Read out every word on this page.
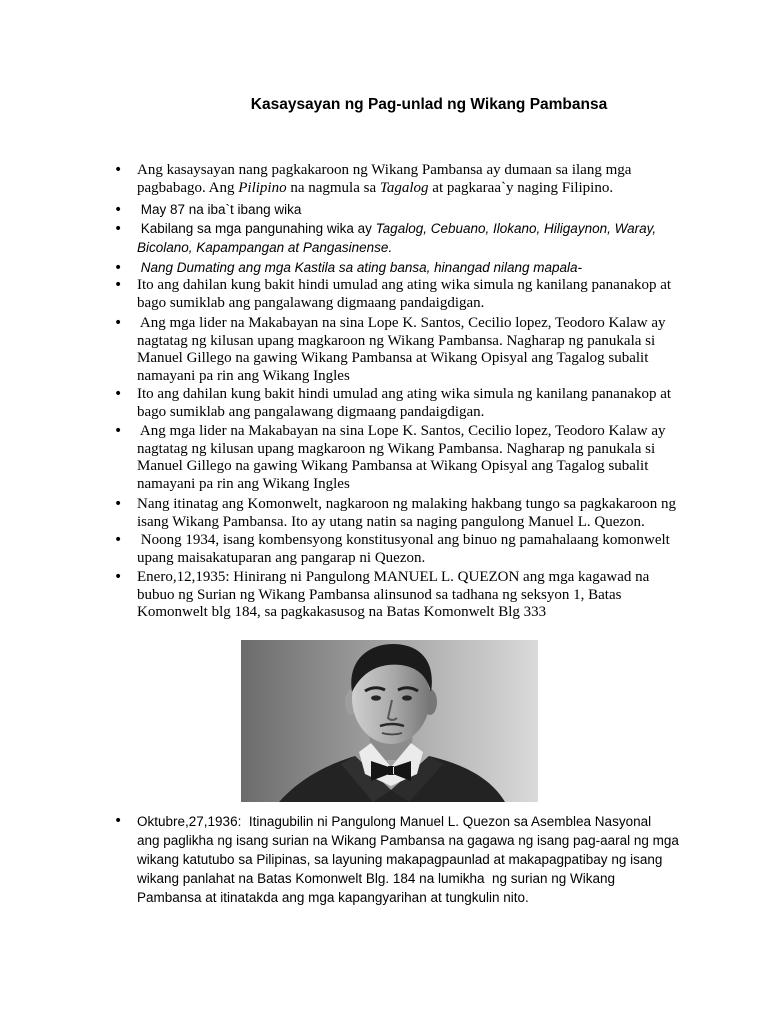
Kasaysayan ng Pag-unlad ng Wikang Pambansa
• Ang kasaysayan nang pagkakaroon ng Wikang Pambansa ay dumaan sa ilang mga
pagbabago. Ang Pilipino na nagmula sa Tagalog at pagkaraa`y naging Filipino.
• May 87 na iba`t ibang wika
• Kabilang sa mga pangunahing wika ay Tagalog, Cebuano, Ilokano, Hiligaynon, Waray,
Bicolano, Kapampangan at Pangasinense.
• Nang Dumating ang mga Kastila sa ating bansa, hinangad nilang mapala-
• Ito ang dahilan kung bakit hindi umulad ang ating wika simula ng kanilang pananakop at
bago sumiklab ang pangalawang digmaang pandaigdigan.
• Ang mga lider na Makabayan na sina Lope K. Santos, Cecilio lopez, Teodoro Kalaw ay
nagtatag ng kilusan upang magkaroon ng Wikang Pambansa. Nagharap ng panukala si
Manuel Gillego na gawing Wikang Pambansa at Wikang Opisyal ang Tagalog subalit
namayani pa rin ang Wikang Ingles
• Ito ang dahilan kung bakit hindi umulad ang ating wika simula ng kanilang pananakop at
bago sumiklab ang pangalawang digmaang pandaigdigan.
• Ang mga lider na Makabayan na sina Lope K. Santos, Cecilio lopez, Teodoro Kalaw ay
nagtatag ng kilusan upang magkaroon ng Wikang Pambansa. Nagharap ng panukala si
Manuel Gillego na gawing Wikang Pambansa at Wikang Opisyal ang Tagalog subalit
namayani pa rin ang Wikang Ingles
• Nang itinatag ang Komonwelt, nagkaroon ng malaking hakbang tungo sa pagkakaroon ng
isang Wikang Pambansa. Ito ay utang natin sa naging pangulong Manuel L. Quezon.
• Noong 1934, isang kombensyong konstitusyonal ang binuo ng pamahalaang komonwelt
upang maisakatuparan ang pangarap ni Quezon.
• Enero,12,1935: Hinirang ni Pangulong MANUEL L. QUEZON ang mga kagawad na
bubuo ng Surian ng Wikang Pambansa alinsunod sa tadhana ng seksyon 1, Batas
Komonwelt blg 184, sa pagkakasusog na Batas Komonwelt Blg 333
• Oktubre,27,1936:  Itinagubilin ni Pangulong Manuel L. Quezon sa Asemblea Nasyonal
ang paglikha ng isang surian na Wikang Pambansa na gagawa ng isang pag-aaral ng mga
wikang katutubo sa Pilipinas, sa layuning makapagpaunlad at makapagpatibay ng isang
wikang panlahat na Batas Komonwelt Blg. 184 na lumikha  ng surian ng Wikang
Pambansa at itinatakda ang mga kapangyarihan at tungkulin nito.
